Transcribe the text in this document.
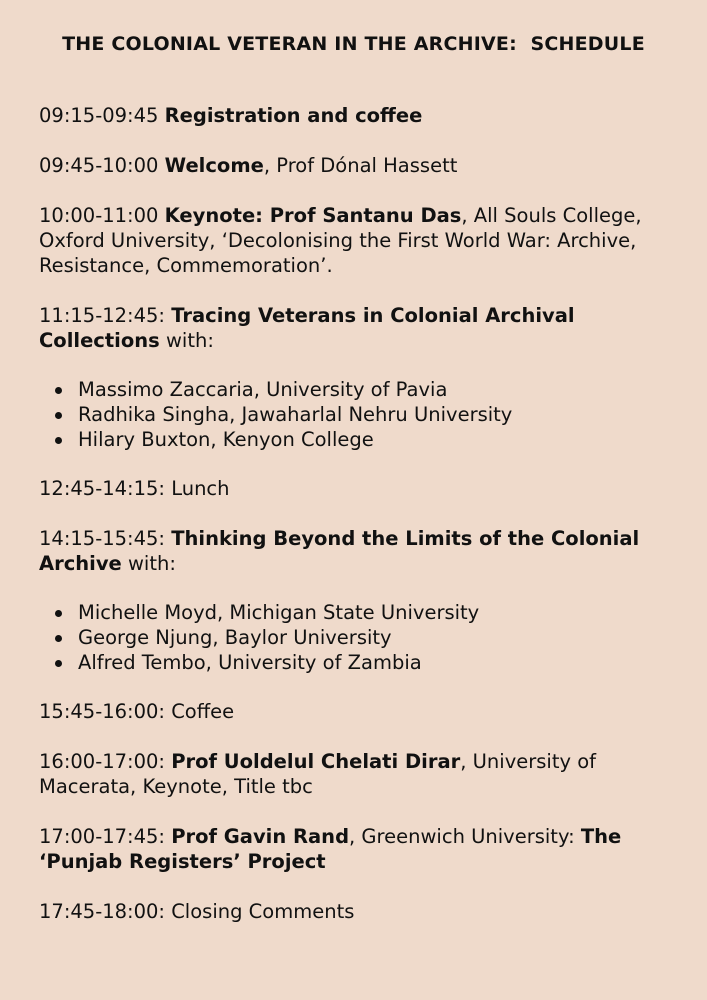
THE COLONIAL VETERAN IN THE ARCHIVE:  SCHEDULE
09:15-09:45 Registration and coffee
09:45-10:00 Welcome, Prof Dónal Hassett
10:00-11:00 Keynote: Prof Santanu Das, All Souls College, Oxford University, ‘Decolonising the First World War: Archive, Resistance, Commemoration’.
11:15-12:45: Tracing Veterans in Colonial Archival Collections with:
Massimo Zaccaria, University of Pavia
Radhika Singha, Jawaharlal Nehru University
Hilary Buxton, Kenyon College
12:45-14:15: Lunch
14:15-15:45: Thinking Beyond the Limits of the Colonial Archive with:
Michelle Moyd, Michigan State University
George Njung, Baylor University
Alfred Tembo, University of Zambia
15:45-16:00: Coffee
16:00-17:00: Prof Uoldelul Chelati Dirar, University of Macerata, Keynote, Title tbc
17:00-17:45: Prof Gavin Rand, Greenwich University: The ‘Punjab Registers’ Project
17:45-18:00: Closing Comments
